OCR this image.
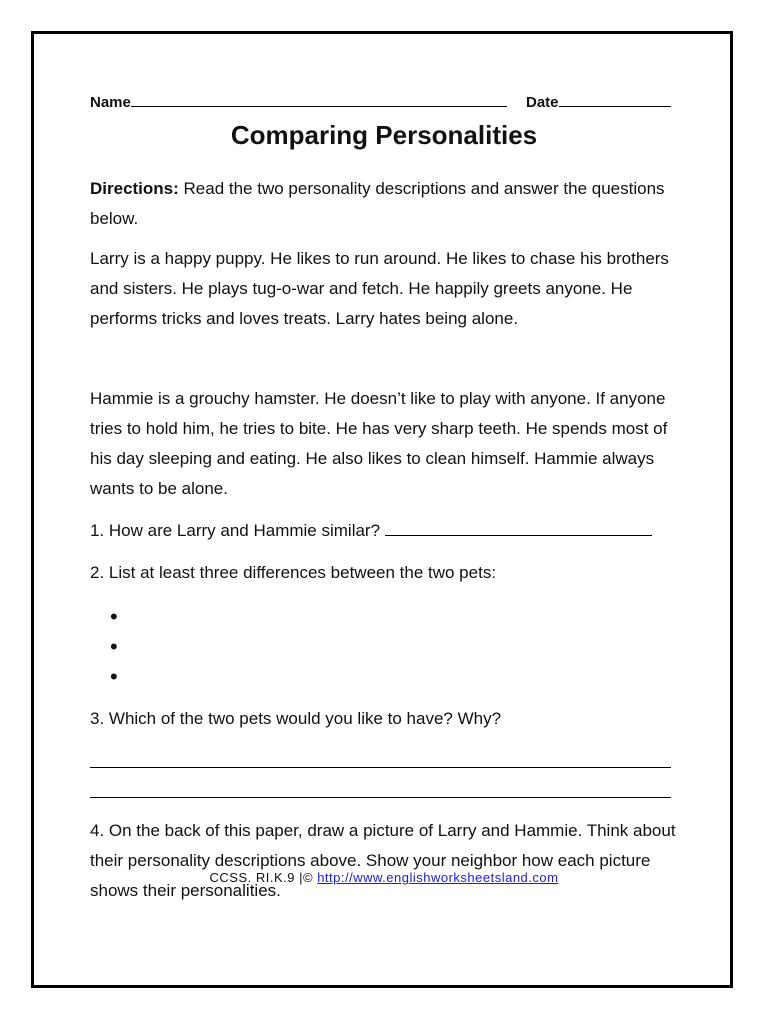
Name	Date
Comparing Personalities
Directions: Read the two personality descriptions and answer the questions below.
Larry is a happy puppy. He likes to run around. He likes to chase his brothers and sisters. He plays tug-o-war and fetch. He happily greets anyone. He performs tricks and loves treats. Larry hates being alone.
Hammie is a grouchy hamster. He doesn’t like to play with anyone. If anyone tries to hold him, he tries to bite. He has very sharp teeth. He spends most of his day sleeping and eating. He also likes to clean himself. Hammie always wants to be alone.
1. How are Larry and Hammie similar?
2. List at least three differences between the two pets:
•
•
•
3. Which of the two pets would you like to have? Why?
4. On the back of this paper, draw a picture of Larry and Hammie. Think about their personality descriptions above. Show your neighbor how each picture shows their personalities.
CCSS. RI.K.9 |© http://www.englishworksheetsland.com
